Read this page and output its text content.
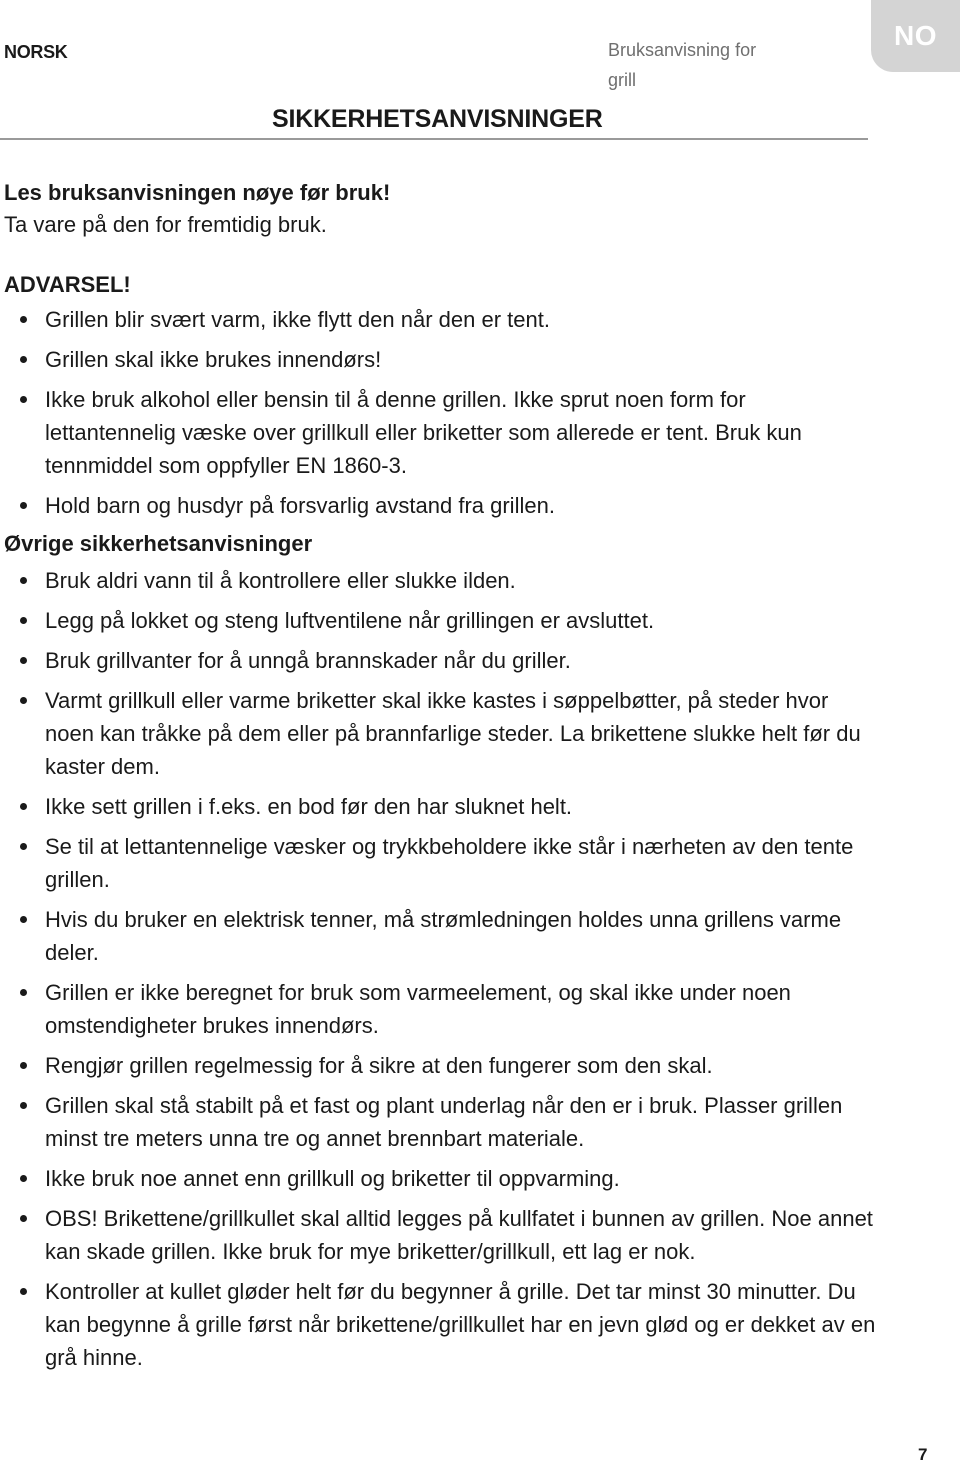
NORSK	Bruksanvisning for grill
NO
SIKKERHETSANVISNINGER
Les bruksanvisningen nøye før bruk!
Ta vare på den for fremtidig bruk.
ADVARSEL!
Grillen blir svært varm, ikke flytt den når den er tent.
Grillen skal ikke brukes innendørs!
Ikke bruk alkohol eller bensin til å denne grillen. Ikke sprut noen form for lettantennelig væske over grillkull eller briketter som allerede er tent. Bruk kun tennmiddel som oppfyller EN 1860-3.
Hold barn og husdyr på forsvarlig avstand fra grillen.
Øvrige sikkerhetsanvisninger
Bruk aldri vann til å kontrollere eller slukke ilden.
Legg på lokket og steng luftventilene når grillingen er avsluttet.
Bruk grillvanter for å unngå brannskader når du griller.
Varmt grillkull eller varme briketter skal ikke kastes i søppelbøtter, på steder hvor noen kan tråkke på dem eller på brannfarlige steder. La brikettene slukke helt før du kaster dem.
Ikke sett grillen i f.eks. en bod før den har sluknet helt.
Se til at lettantennelige væsker og trykkbeholdere ikke står i nærheten av den tente grillen.
Hvis du bruker en elektrisk tenner, må strømledningen holdes unna grillens varme deler.
Grillen er ikke beregnet for bruk som varmeelement, og skal ikke under noen omstendigheter brukes innendørs.
Rengjør grillen regelmessig for å sikre at den fungerer som den skal.
Grillen skal stå stabilt på et fast og plant underlag når den er i bruk. Plasser grillen minst tre meters unna tre og annet brennbart materiale.
Ikke bruk noe annet enn grillkull og briketter til oppvarming.
OBS! Brikettene/grillkullet skal alltid legges på kullfatet i bunnen av grillen. Noe annet kan skade grillen. Ikke bruk for mye briketter/grillkull, ett lag er nok.
Kontroller at kullet gløder helt før du begynner å grille. Det tar minst 30 minutter. Du kan begynne å grille først når brikettene/grillkullet har en jevn glød og er dekket av en grå hinne.
7
